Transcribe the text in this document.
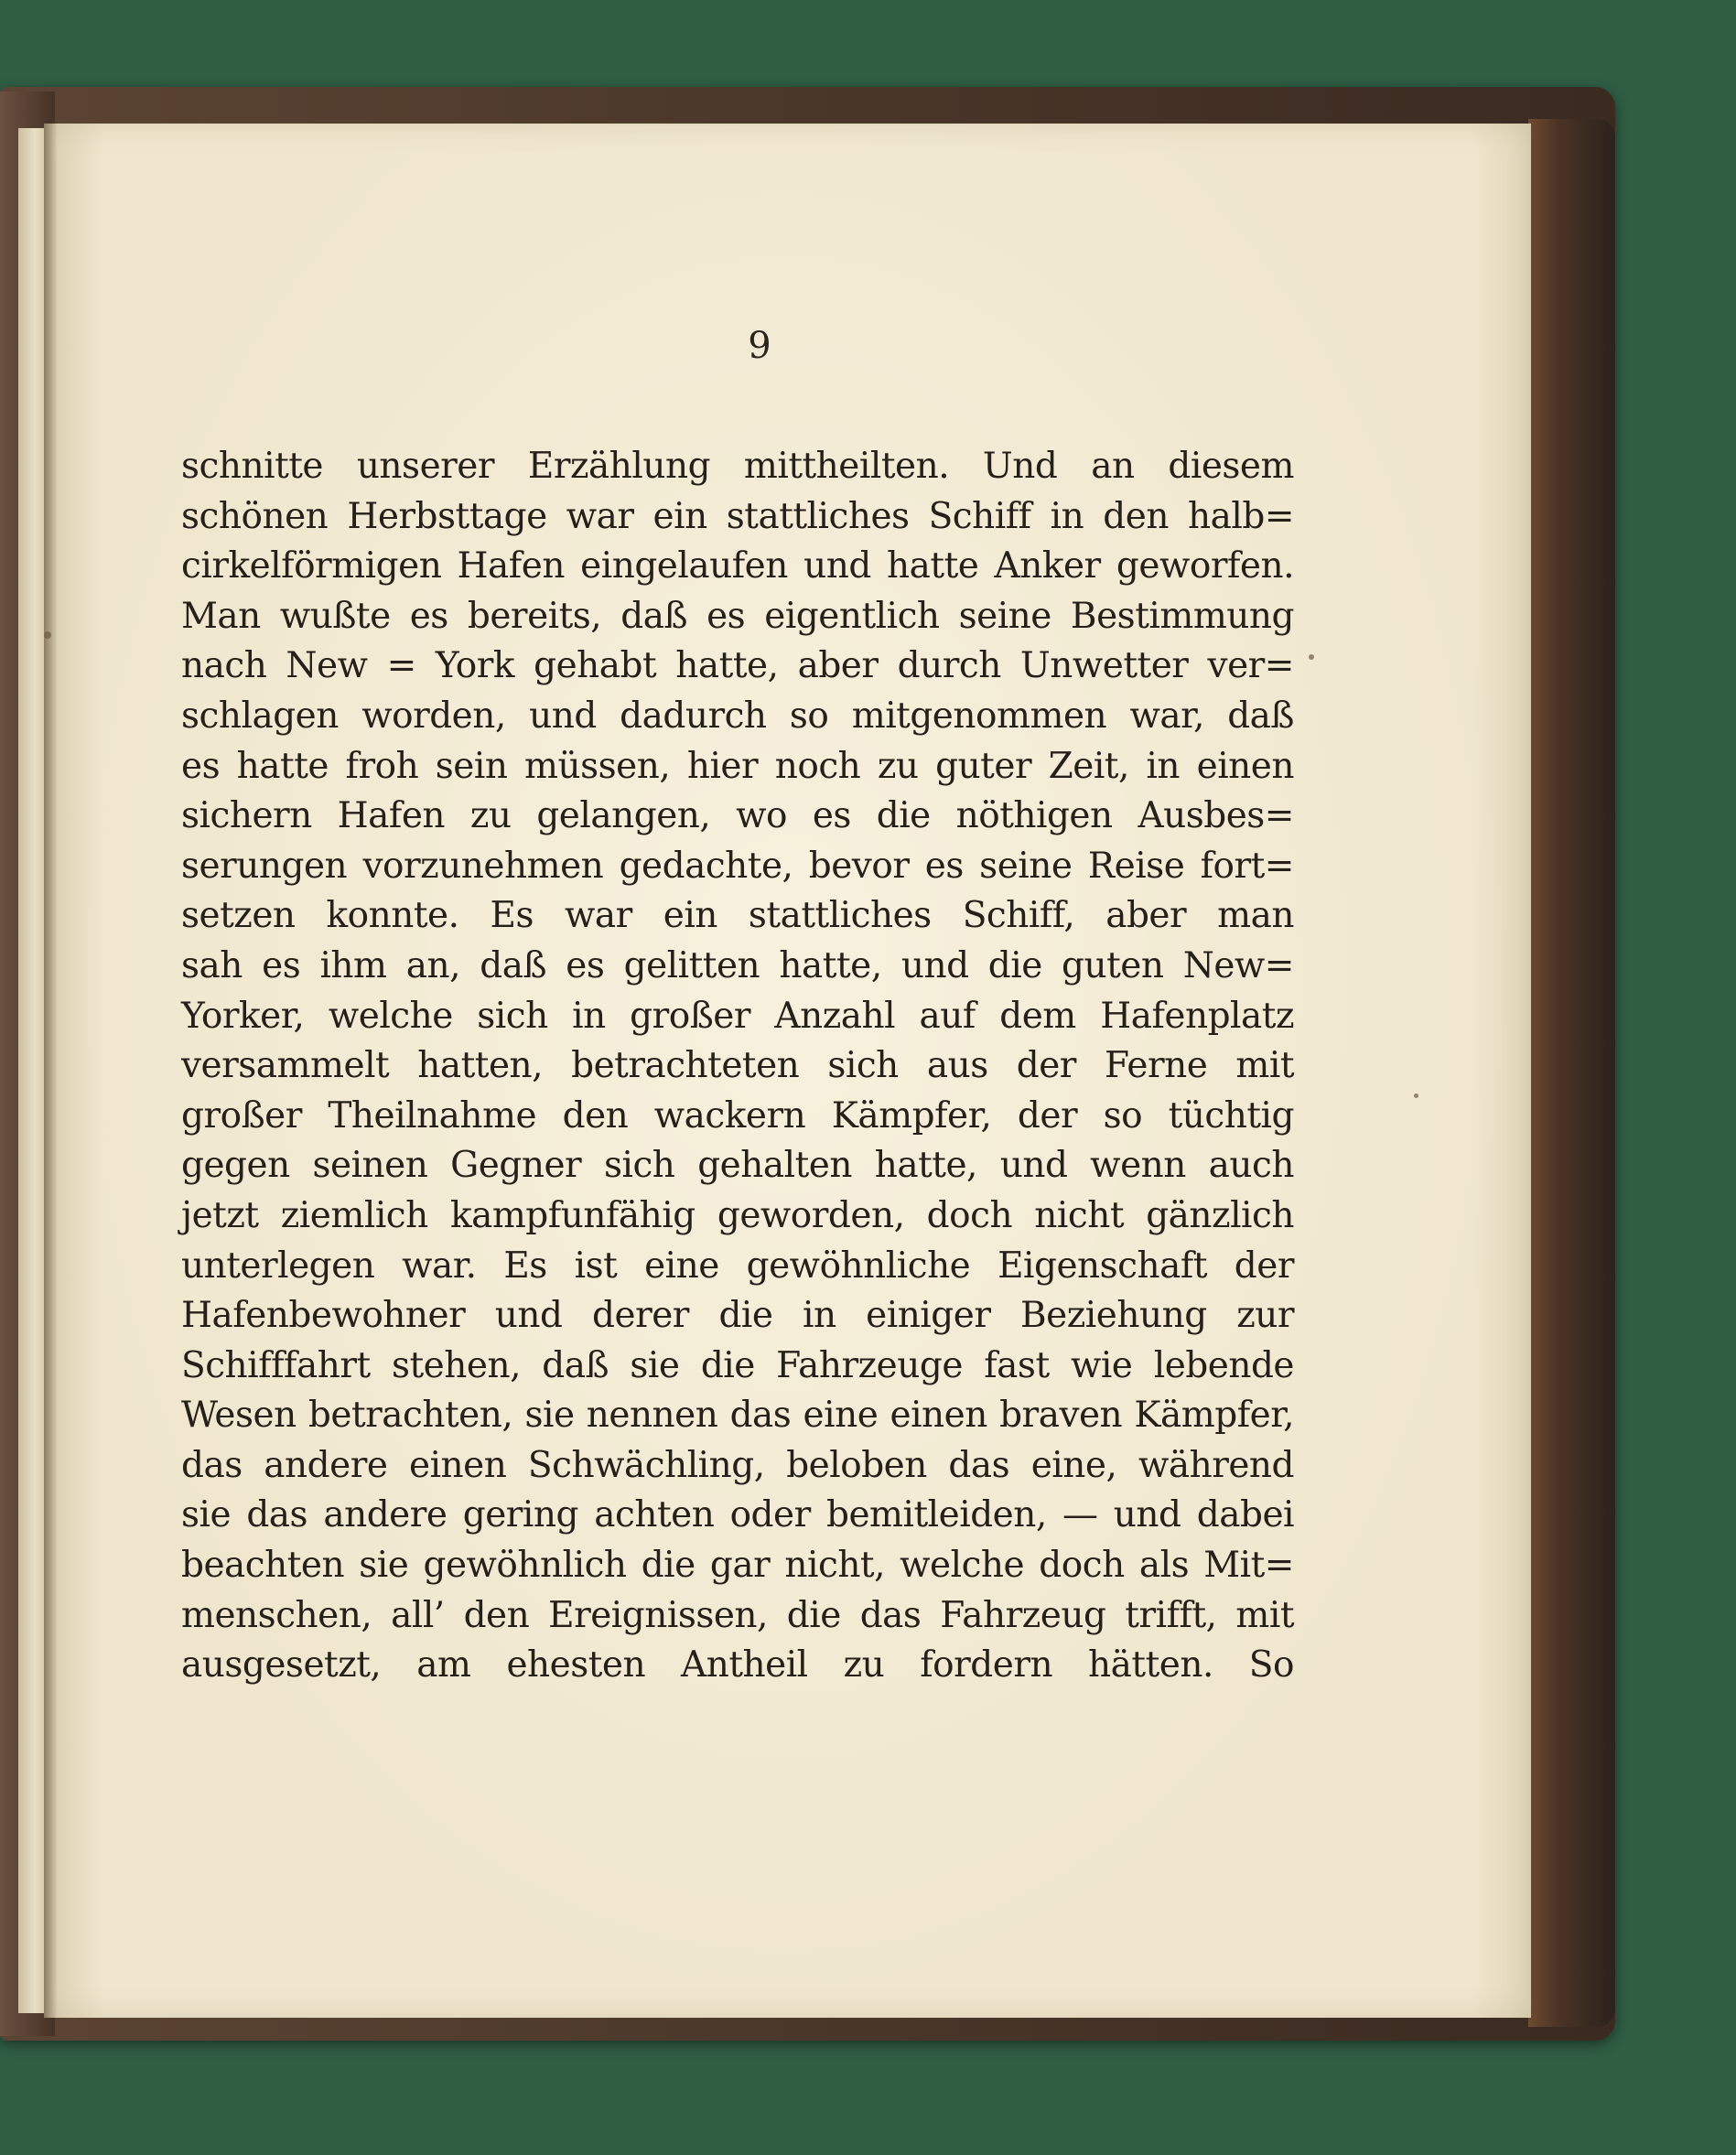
9
schnitte unserer Erzählung mittheilten. Und an diesem
schönen Herbsttage war ein stattliches Schiff in den halb=
cirkelförmigen Hafen eingelaufen und hatte Anker geworfen.
Man wußte es bereits, daß es eigentlich seine Bestimmung
nach New = York gehabt hatte, aber durch Unwetter ver=
schlagen worden, und dadurch so mitgenommen war, daß
es hatte froh sein müssen, hier noch zu guter Zeit, in einen
sichern Hafen zu gelangen, wo es die nöthigen Ausbes=
serungen vorzunehmen gedachte, bevor es seine Reise fort=
setzen konnte. Es war ein stattliches Schiff, aber man
sah es ihm an, daß es gelitten hatte, und die guten New=
Yorker, welche sich in großer Anzahl auf dem Hafenplatz
versammelt hatten, betrachteten sich aus der Ferne mit
großer Theilnahme den wackern Kämpfer, der so tüchtig
gegen seinen Gegner sich gehalten hatte, und wenn auch
jetzt ziemlich kampfunfähig geworden, doch nicht gänzlich
unterlegen war. Es ist eine gewöhnliche Eigenschaft der
Hafenbewohner und derer die in einiger Beziehung zur
Schifffahrt stehen, daß sie die Fahrzeuge fast wie lebende
Wesen betrachten, sie nennen das eine einen braven Kämpfer,
das andere einen Schwächling, beloben das eine, während
sie das andere gering achten oder bemitleiden, — und dabei
beachten sie gewöhnlich die gar nicht, welche doch als Mit=
menschen, all’ den Ereignissen, die das Fahrzeug trifft, mit
ausgesetzt, am ehesten Antheil zu fordern hätten. So
